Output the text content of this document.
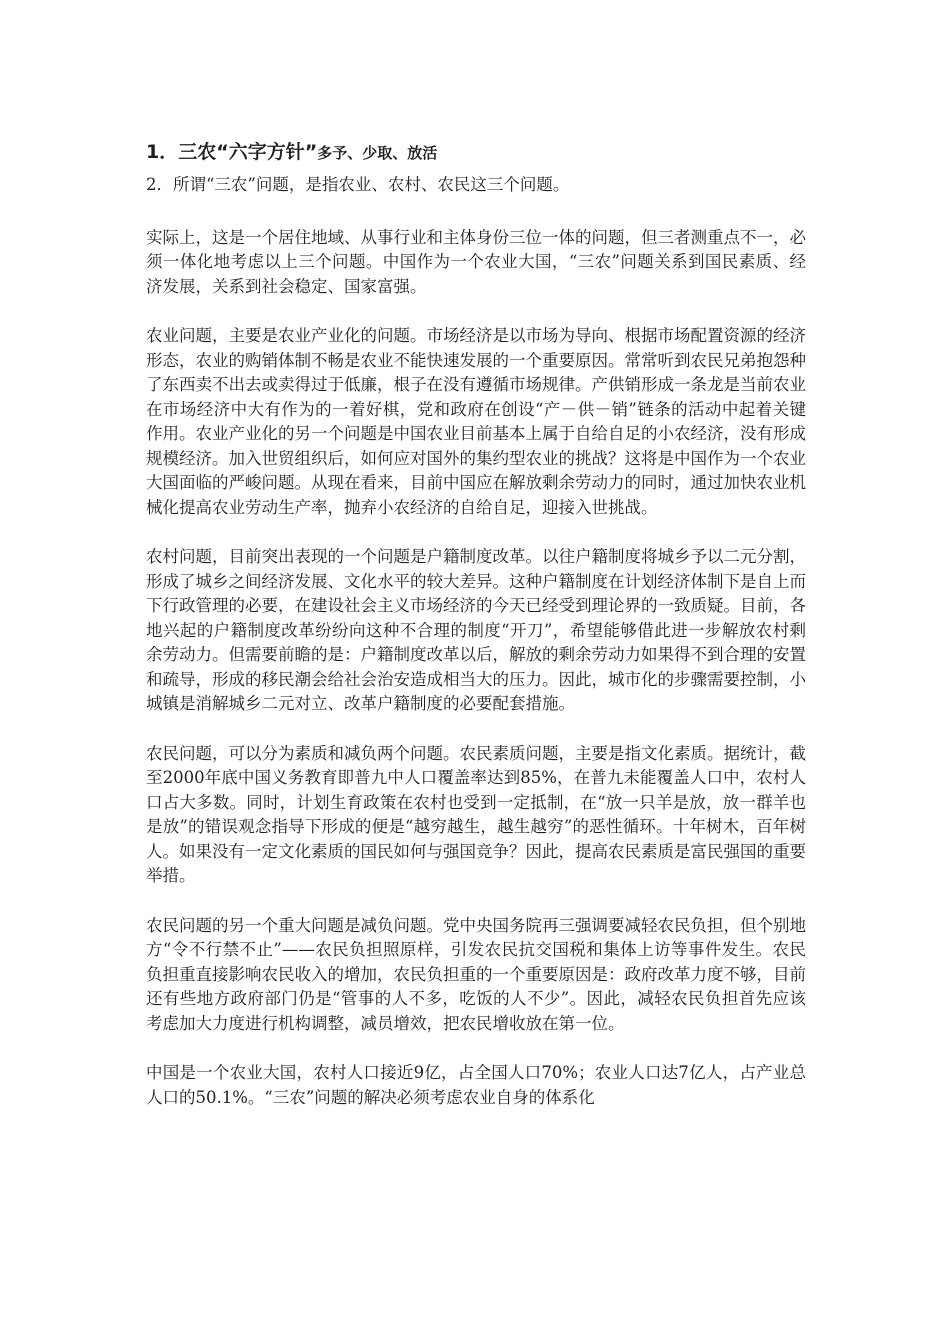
1．三农“六字方针”多予、少取、放活

2．所谓“三农”问题，是指农业、农村、农民这三个问题。

实际上，这是一个居住地域、从事行业和主体身份三位一体的问题，但三者测重点不一，必须一体化地考虑以上三个问题。中国作为一个农业大国，“三农”问题关系到国民素质、经济发展，关系到社会稳定、国家富强。

农业问题，主要是农业产业化的问题。市场经济是以市场为导向、根据市场配置资源的经济形态，农业的购销体制不畅是农业不能快速发展的一个重要原因。常常听到农民兄弟抱怨种了东西卖不出去或卖得过于低廉，根子在没有遵循市场规律。产供销形成一条龙是当前农业在市场经济中大有作为的一着好棋，党和政府在创设“产－供－销”链条的活动中起着关键作用。农业产业化的另一个问题是中国农业目前基本上属于自给自足的小农经济，没有形成规模经济。加入世贸组织后，如何应对国外的集约型农业的挑战？这将是中国作为一个农业大国面临的严峻问题。从现在看来，目前中国应在解放剩余劳动力的同时，通过加快农业机械化提高农业劳动生产率，抛弃小农经济的自给自足，迎接入世挑战。

农村问题，目前突出表现的一个问题是户籍制度改革。以往户籍制度将城乡予以二元分割，形成了城乡之间经济发展、文化水平的较大差异。这种户籍制度在计划经济体制下是自上而下行政管理的必要，在建设社会主义市场经济的今天已经受到理论界的一致质疑。目前，各地兴起的户籍制度改革纷纷向这种不合理的制度“开刀”，希望能够借此进一步解放农村剩余劳动力。但需要前瞻的是：户籍制度改革以后，解放的剩余劳动力如果得不到合理的安置和疏导，形成的移民潮会给社会治安造成相当大的压力。因此，城市化的步骤需要控制，小城镇是消解城乡二元对立、改革户籍制度的必要配套措施。

农民问题，可以分为素质和减负两个问题。农民素质问题，主要是指文化素质。据统计，截至2000年底中国义务教育即普九中人口覆盖率达到85%，在普九未能覆盖人口中，农村人口占大多数。同时，计划生育政策在农村也受到一定抵制，在“放一只羊是放，放一群羊也是放”的错误观念指导下形成的便是“越穷越生，越生越穷”的恶性循环。十年树木，百年树人。如果没有一定文化素质的国民如何与强国竞争？因此，提高农民素质是富民强国的重要举措。

农民问题的另一个重大问题是减负问题。党中央国务院再三强调要减轻农民负担，但个别地方“令不行禁不止”——农民负担照原样，引发农民抗交国税和集体上访等事件发生。农民负担重直接影响农民收入的增加，农民负担重的一个重要原因是：政府改革力度不够，目前还有些地方政府部门仍是“管事的人不多，吃饭的人不少”。因此，减轻农民负担首先应该考虑加大力度进行机构调整，减员增效，把农民增收放在第一位。

中国是一个农业大国，农村人口接近9亿，占全国人口70%；农业人口达7亿人，占产业总人口的50.1%。“三农”问题的解决必须考虑农业自身的体系化
